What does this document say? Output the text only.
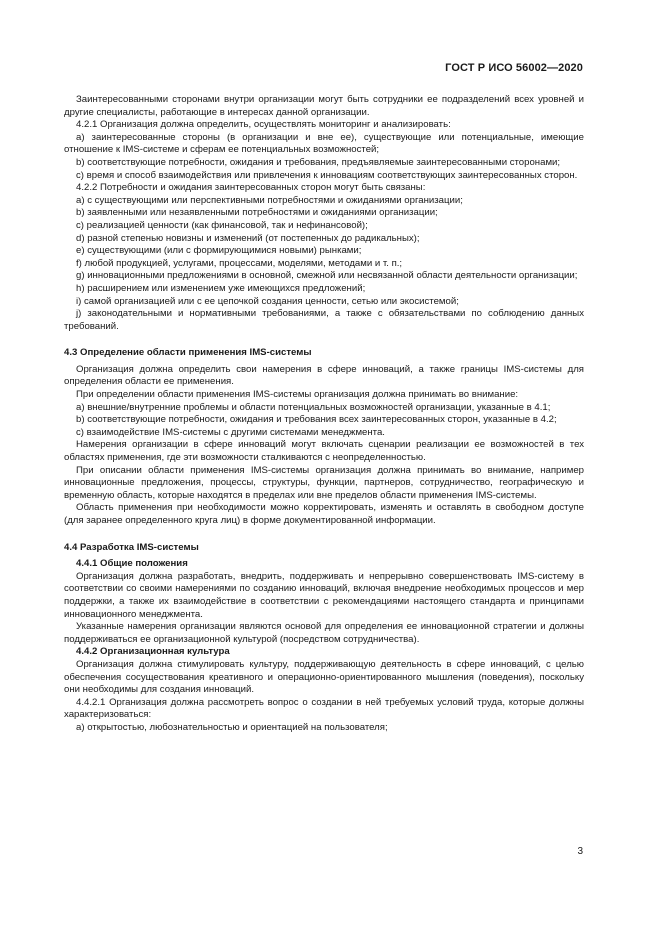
ГОСТ Р ИСО 56002—2020

Заинтересованными сторонами внутри организации могут быть сотрудники ее подразделений всех уровней и другие специалисты, работающие в интересах данной организации.

4.2.1 Организация должна определить, осуществлять мониторинг и анализировать:

а) заинтересованные стороны (в организации и вне ее), существующие или потенциальные, имеющие отношение к IMS-системе и сферам ее потенциальных возможностей;

b) соответствующие потребности, ожидания и требования, предъявляемые заинтересованными сторонами;

c) время и способ взаимодействия или привлечения к инновациям соответствующих заинтересованных сторон.

4.2.2 Потребности и ожидания заинтересованных сторон могут быть связаны:

a) с существующими или перспективными потребностями и ожиданиями организации;

b) заявленными или незаявленными потребностями и ожиданиями организации;

c) реализацией ценности (как финансовой, так и нефинансовой);

d) разной степенью новизны и изменений (от постепенных до радикальных);

e) существующими (или с формирующимися новыми) рынками;

f) любой продукцией, услугами, процессами, моделями, методами и т. п.;

g) инновационными предложениями в основной, смежной или несвязанной области деятельности организации;

h) расширением или изменением уже имеющихся предложений;

i) самой организацией или с ее цепочкой создания ценности, сетью или экосистемой;

j) законодательными и нормативными требованиями, а также с обязательствами по соблюдению данных требований.

4.3 Определение области применения IMS-системы

Организация должна определить свои намерения в сфере инноваций, а также границы IMS-системы для определения области ее применения.

При определении области применения IMS-системы организация должна принимать во внимание:

a) внешние/внутренние проблемы и области потенциальных возможностей организации, указанные в 4.1;

b) соответствующие потребности, ожидания и требования всех заинтересованных сторон, указанные в 4.2;

c) взаимодействие IMS-системы с другими системами менеджмента.

Намерения организации в сфере инноваций могут включать сценарии реализации ее возможностей в тех областях применения, где эти возможности сталкиваются с неопределенностью.

При описании области применения IMS-системы организация должна принимать во внимание, например инновационные предложения, процессы, структуры, функции, партнеров, сотрудничество, географическую и временную область, которые находятся в пределах или вне пределов области применения IMS-системы.

Область применения при необходимости можно корректировать, изменять и оставлять в свободном доступе (для заранее определенного круга лиц) в форме документированной информации.

4.4 Разработка IMS-системы

4.4.1 Общие положения

Организация должна разработать, внедрить, поддерживать и непрерывно совершенствовать IMS-систему в соответствии со своими намерениями по созданию инноваций, включая внедрение необходимых процессов и мер поддержки, а также их взаимодействие в соответствии с рекомендациями настоящего стандарта и принципами инновационного менеджмента.

Указанные намерения организации являются основой для определения ее инновационной стратегии и должны поддерживаться ее организационной культурой (посредством сотрудничества).

4.4.2 Организационная культура

Организация должна стимулировать культуру, поддерживающую деятельность в сфере инноваций, с целью обеспечения сосуществования креативного и операционно-ориентированного мышления (поведения), поскольку они необходимы для создания инноваций.

4.4.2.1 Организация должна рассмотреть вопрос о создании в ней требуемых условий труда, которые должны характеризоваться:

a) открытостью, любознательностью и ориентацией на пользователя;

3
